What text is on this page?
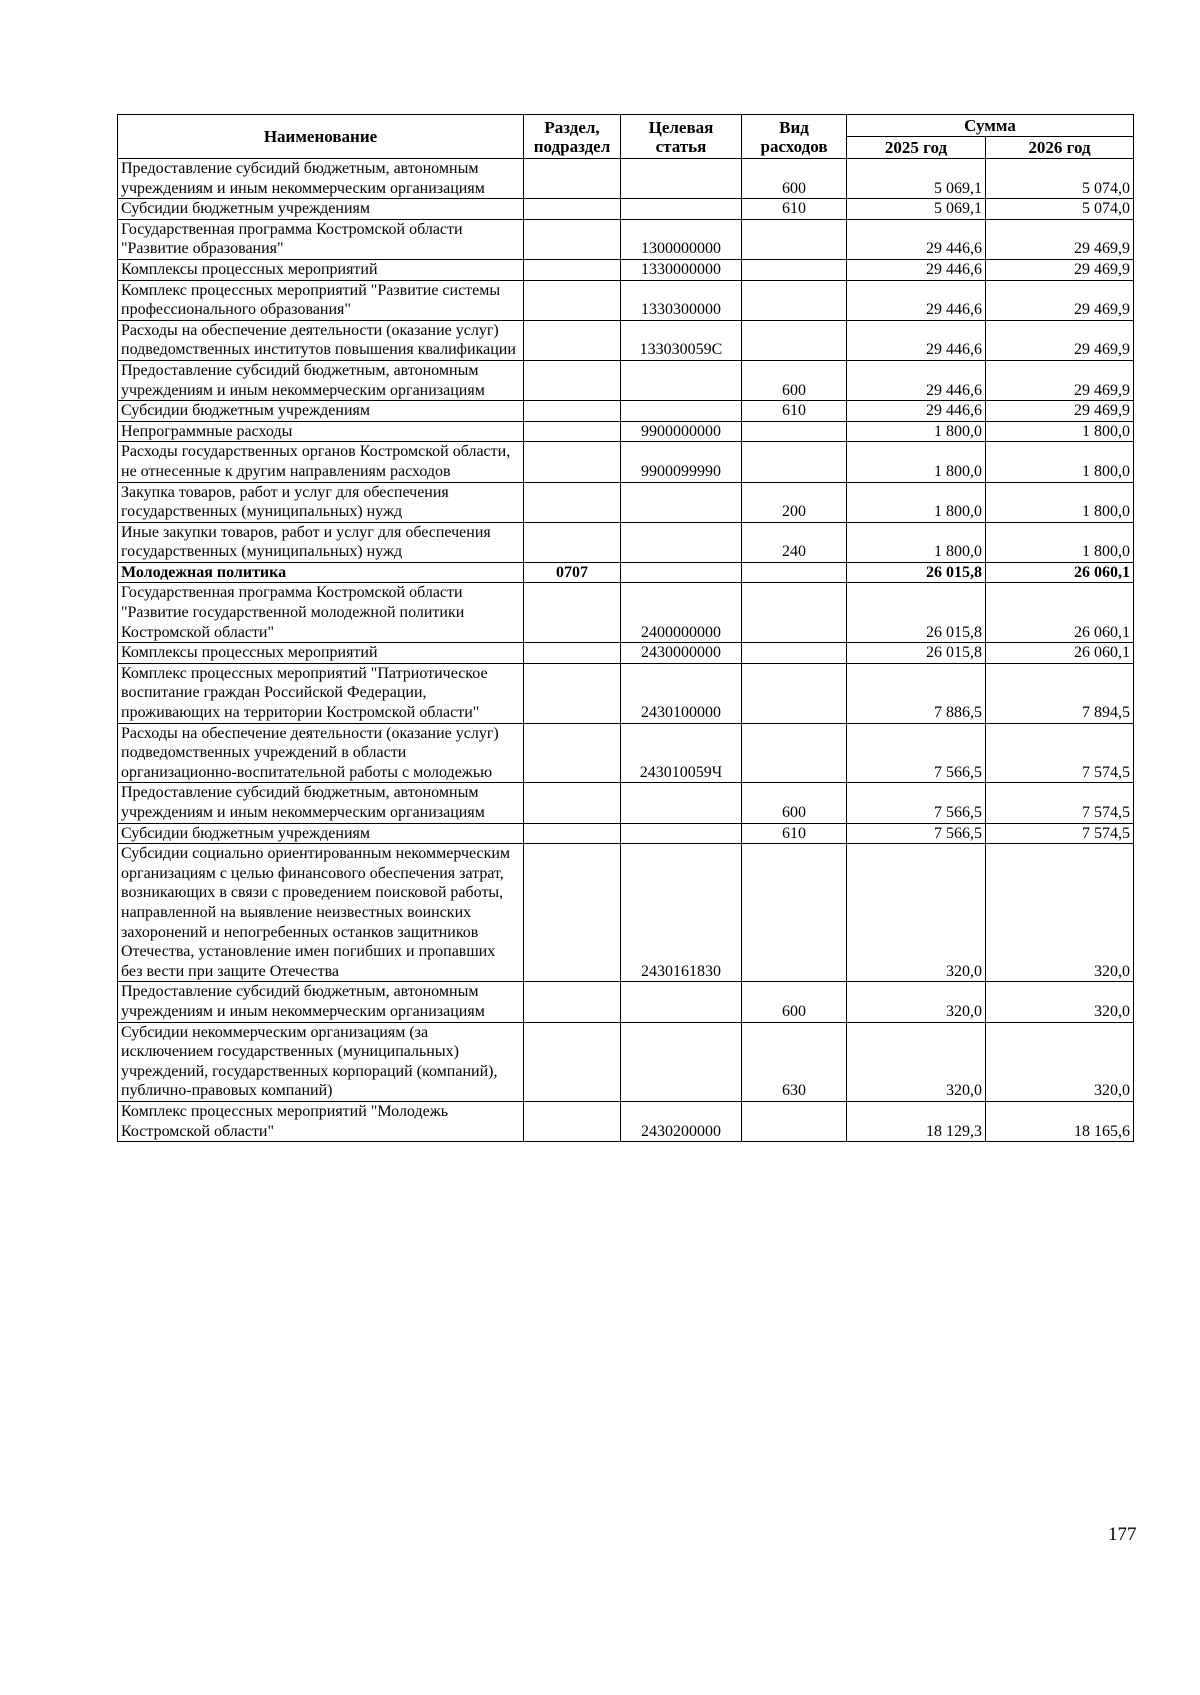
Наименование	Раздел, подраздел	Целевая статья	Вид расходов	Сумма	
				2025 год	2026 год
Предоставление субсидий бюджетным, автономным учреждениям и иным некоммерческим организациям			600	5 069,1	5 074,0
Субсидии бюджетным учреждениям			610	5 069,1	5 074,0
Государственная программа Костромской области "Развитие образования"		1300000000		29 446,6	29 469,9
Комплексы процессных мероприятий		1330000000		29 446,6	29 469,9
Комплекс процессных мероприятий "Развитие системы профессионального образования"		1330300000		29 446,6	29 469,9
Расходы на обеспечение деятельности (оказание услуг) подведомственных институтов повышения квалификации		133030059С		29 446,6	29 469,9
Предоставление субсидий бюджетным, автономным учреждениям и иным некоммерческим организациям			600	29 446,6	29 469,9
Субсидии бюджетным учреждениям			610	29 446,6	29 469,9
Непрограммные расходы		9900000000		1 800,0	1 800,0
Расходы государственных органов Костромской области, не отнесенные к другим направлениям расходов		9900099990		1 800,0	1 800,0
Закупка товаров, работ и услуг для обеспечения государственных (муниципальных) нужд			200	1 800,0	1 800,0
Иные закупки товаров, работ и услуг для обеспечения государственных (муниципальных) нужд			240	1 800,0	1 800,0
Молодежная политика	0707			26 015,8	26 060,1
Государственная программа Костромской области "Развитие государственной молодежной политики Костромской области"		2400000000		26 015,8	26 060,1
Комплексы процессных мероприятий		2430000000		26 015,8	26 060,1
Комплекс процессных мероприятий "Патриотическое воспитание граждан Российской Федерации, проживающих на территории Костромской области"		2430100000		7 886,5	7 894,5
Расходы на обеспечение деятельности (оказание услуг) подведомственных учреждений в области организационно-воспитательной работы с молодежью		243010059Ч		7 566,5	7 574,5
Предоставление субсидий бюджетным, автономным учреждениям и иным некоммерческим организациям			600	7 566,5	7 574,5
Субсидии бюджетным учреждениям			610	7 566,5	7 574,5
Субсидии социально ориентированным некоммерческим организациям с целью финансового обеспечения затрат, возникающих в связи с проведением поисковой работы, направленной на выявление неизвестных воинских захоронений и непогребенных останков защитников Отечества, установление имен погибших и пропавших без вести при защите Отечества		2430161830		320,0	320,0
Предоставление субсидий бюджетным, автономным учреждениям и иным некоммерческим организациям			600	320,0	320,0
Субсидии некоммерческим организациям (за исключением государственных (муниципальных) учреждений, государственных корпораций (компаний), публично-правовых компаний)			630	320,0	320,0
Комплекс процессных мероприятий "Молодежь Костромской области"		2430200000		18 129,3	18 165,6
177
